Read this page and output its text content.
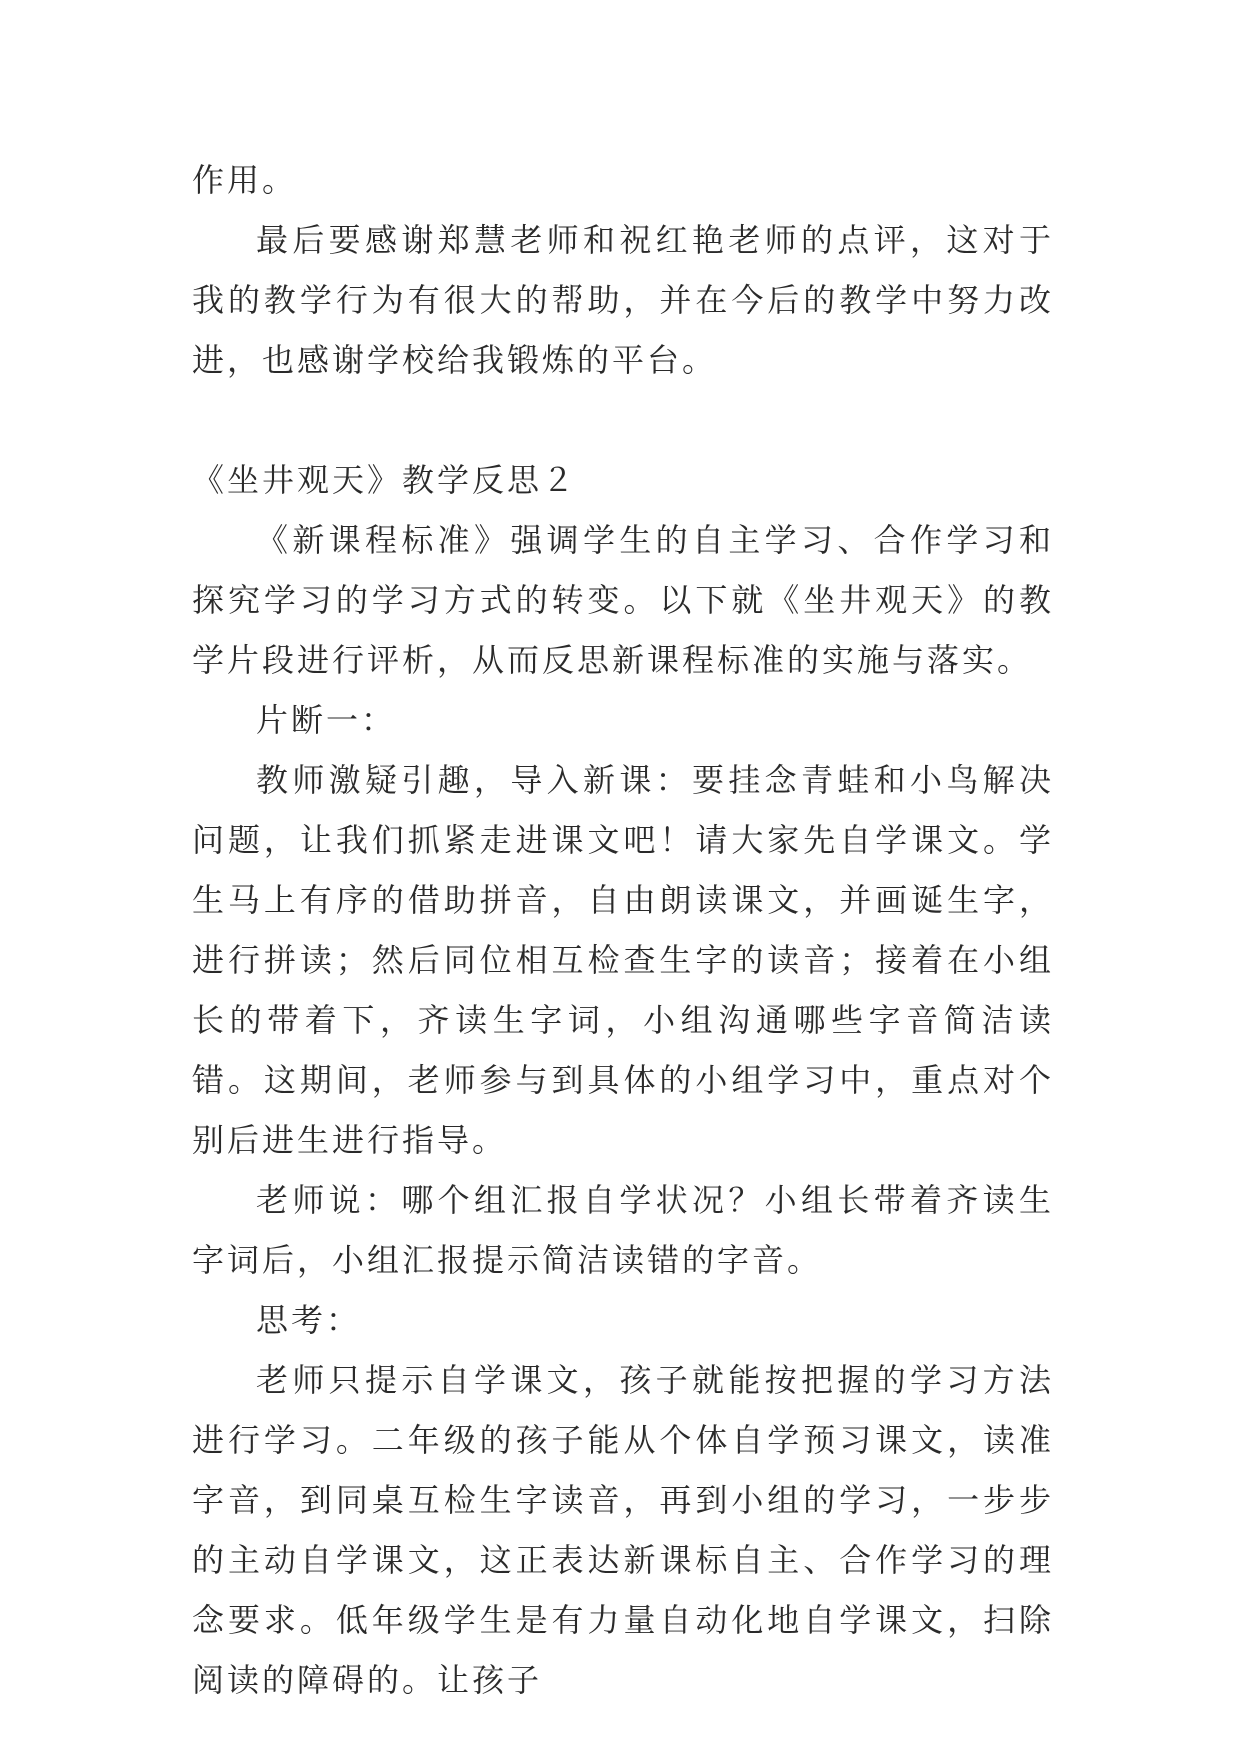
作用。

最后要感谢郑慧老师和祝红艳老师的点评，这对于我的教学行为有很大的帮助，并在今后的教学中努力改进，也感谢学校给我锻炼的平台。

《坐井观天》教学反思２

《新课程标准》强调学生的自主学习、合作学习和探究学习的学习方式的转变。以下就《坐井观天》的教学片段进行评析，从而反思新课程标准的实施与落实。

片断一：

教师激疑引趣，导入新课：要挂念青蛙和小鸟解决问题，让我们抓紧走进课文吧！请大家先自学课文。学生马上有序的借助拼音，自由朗读课文，并画诞生字，进行拼读；然后同位相互检查生字的读音；接着在小组长的带着下，齐读生字词，小组沟通哪些字音简洁读错。这期间，老师参与到具体的小组学习中，重点对个别后进生进行指导。

老师说：哪个组汇报自学状况？小组长带着齐读生字词后，小组汇报提示简洁读错的字音。

思考：

老师只提示自学课文，孩子就能按把握的学习方法进行学习。二年级的孩子能从个体自学预习课文，读准字音，到同桌互检生字读音，再到小组的学习，一步步的主动自学课文，这正表达新课标自主、合作学习的理念要求。低年级学生是有力量自动化地自学课文，扫除阅读的障碍的。让孩子
